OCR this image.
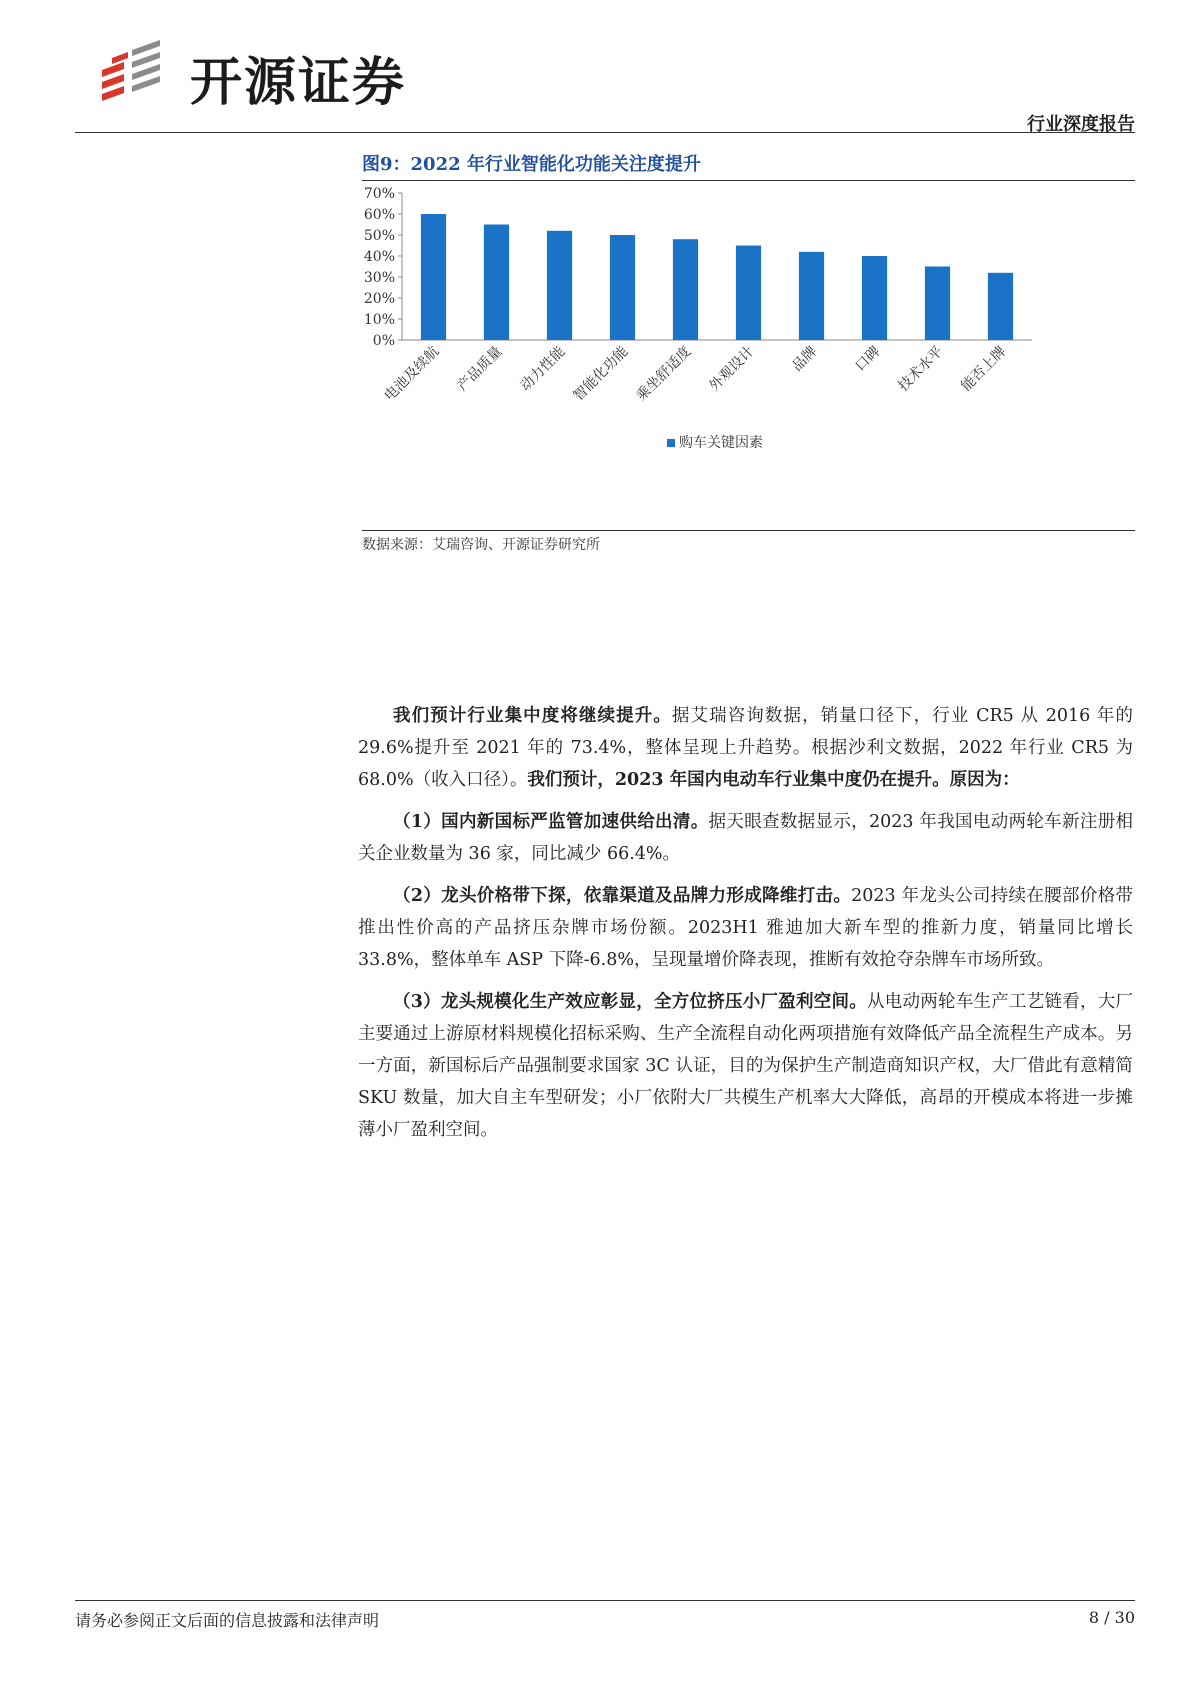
开源证券
行业深度报告
图9：2022 年行业智能化功能关注度提升
0%
10%
20%
30%
40%
50%
60%
70%
电池及续航 产品质量 动力性能 智能化功能 乘坐舒适度 外观设计 品牌 口碑 技术水平 能否上牌
购车关键因素
数据来源：艾瑞咨询、开源证券研究所

我们预计行业集中度将继续提升。据艾瑞咨询数据，销量口径下，行业 CR5 从 2016 年的 29.6%提升至 2021 年的 73.4%，整体呈现上升趋势。根据沙利文数据，2022 年行业 CR5 为 68.0%（收入口径）。我们预计，2023 年国内电动车行业集中度仍在提升。原因为：

（1）国内新国标严监管加速供给出清。据天眼查数据显示，2023 年我国电动两轮车新注册相关企业数量为 36 家，同比减少 66.4%。

（2）龙头价格带下探，依靠渠道及品牌力形成降维打击。2023 年龙头公司持续在腰部价格带推出性价高的产品挤压杂牌市场份额。2023H1 雅迪加大新车型的推新力度，销量同比增长 33.8%，整体单车 ASP 下降-6.8%，呈现量增价降表现，推断有效抢夺杂牌车市场所致。

（3）龙头规模化生产效应彰显，全方位挤压小厂盈利空间。从电动两轮车生产工艺链看，大厂主要通过上游原材料规模化招标采购、生产全流程自动化两项措施有效降低产品全流程生产成本。另一方面，新国标后产品强制要求国家 3C 认证，目的为保护生产制造商知识产权，大厂借此有意精简 SKU 数量，加大自主车型研发；小厂依附大厂共模生产机率大大降低，高昂的开模成本将进一步摊薄小厂盈利空间。

请务必参阅正文后面的信息披露和法律声明	8 / 30
